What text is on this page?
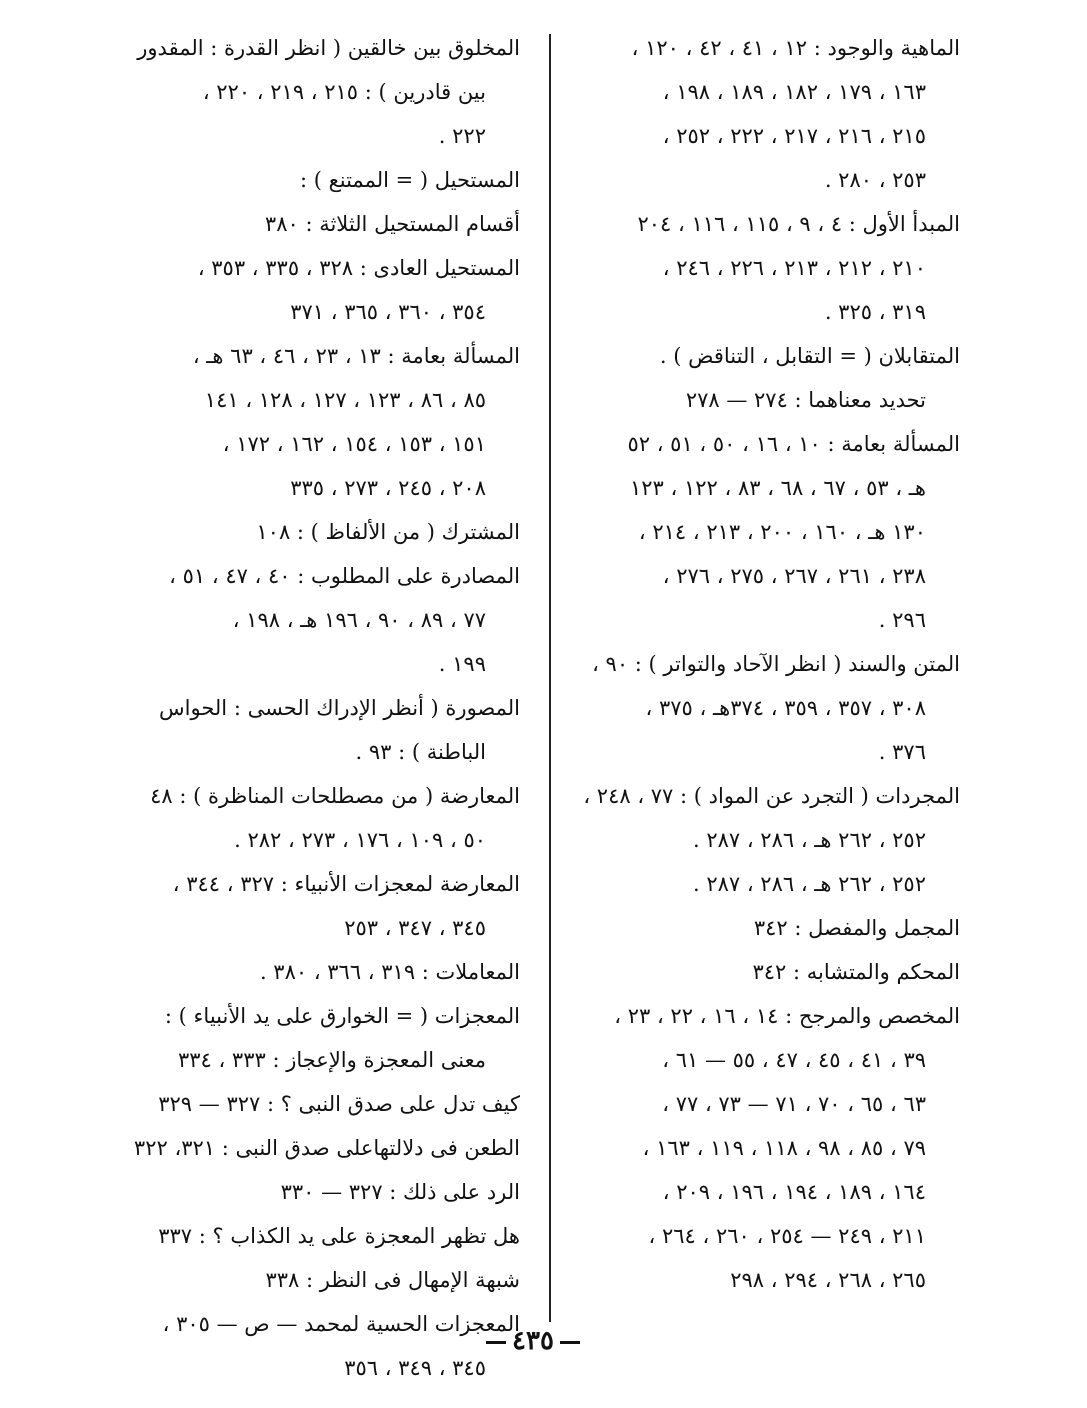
الماهية والوجود : ١٢ ، ٤١ ، ٤٢ ، ١٢٠ ،
١٦٣ ، ١٧٩ ، ١٨٢ ، ١٨٩ ، ١٩٨ ،
٢١٥ ، ٢١٦ ، ٢١٧ ، ٢٢٢ ، ٢٥٢ ،
٢٥٣ ، ٢٨٠ .
المبدأ الأول : ٤ ، ٩ ، ١١٥ ، ١١٦ ، ٢٠٤
٢١٠ ، ٢١٢ ، ٢١٣ ، ٢٢٦ ، ٢٤٦ ،
٣١٩ ، ٣٢٥ .
المتقابلان ( = التقابل ، التناقض ) .
تحديد معناهما : ٢٧٤ — ٢٧٨
المسألة بعامة : ١٠ ، ١٦ ، ٥٠ ، ٥١ ، ٥٢
هـ ، ٥٣ ، ٦٧ ، ٦٨ ، ٨٣ ، ١٢٢ ، ١٢٣
١٣٠ هـ ، ١٦٠ ، ٢٠٠ ، ٢١٣ ، ٢١٤ ،
٢٣٨ ، ٢٦١ ، ٢٦٧ ، ٢٧٥ ، ٢٧٦ ،
٢٩٦ .
المتن والسند ( انظر الآحاد والتواتر ) : ٩٠ ،
٣٠٨ ، ٣٥٧ ، ٣٥٩ ، ٣٧٤هـ ، ٣٧٥ ،
٣٧٦ .
المجردات ( التجرد عن المواد ) : ٧٧ ، ٢٤٨ ،
٢٥٢ ، ٢٦٢ هـ ، ٢٨٦ ، ٢٨٧ .
٢٥٢ ، ٢٦٢ هـ ، ٢٨٦ ، ٢٨٧ .
المجمل والمفصل : ٣٤٢
المحكم والمتشابه : ٣٤٢
المخصص والمرجح : ١٤ ، ١٦ ، ٢٢ ، ٢٣ ،
٣٩ ، ٤١ ، ٤٥ ، ٤٧ ، ٥٥ — ٦١ ،
٦٣ ، ٦٥ ، ٧٠ ، ٧١ — ٧٣ ، ٧٧ ،
٧٩ ، ٨٥ ، ٩٨ ، ١١٨ ، ١١٩ ، ١٦٣ ،
١٦٤ ، ١٨٩ ، ١٩٤ ، ١٩٦ ، ٢٠٩ ،
٢١١ ، ٢٤٩ — ٢٥٤ ، ٢٦٠ ، ٢٦٤ ،
٢٦٥ ، ٢٦٨ ، ٢٩٤ ، ٢٩٨
المخلوق بين خالقين ( انظر القدرة : المقدور
بين قادرين ) : ٢١٥ ، ٢١٩ ، ٢٢٠ ،
٢٢٢ .
المستحيل ( = الممتنع ) :
أقسام المستحيل الثلاثة : ٣٨٠
المستحيل العادى : ٣٢٨ ، ٣٣٥ ، ٣٥٣ ،
٣٥٤ ، ٣٦٠ ، ٣٦٥ ، ٣٧١
المسألة بعامة : ١٣ ، ٢٣ ، ٤٦ ، ٦٣ هـ ،
٨٥ ، ٨٦ ، ١٢٣ ، ١٢٧ ، ١٢٨ ، ١٤١
١٥١ ، ١٥٣ ، ١٥٤ ، ١٦٢ ، ١٧٢ ،
٢٠٨ ، ٢٤٥ ، ٢٧٣ ، ٣٣٥
المشترك ( من الألفاظ ) : ١٠٨
المصادرة على المطلوب : ٤٠ ، ٤٧ ، ٥١ ،
٧٧ ، ٨٩ ، ٩٠ ، ١٩٦ هـ ، ١٩٨ ،
١٩٩ .
المصورة ( أنظر الإدراك الحسى : الحواس
الباطنة ) : ٩٣ .
المعارضة ( من مصطلحات المناظرة ) : ٤٨
٥٠ ، ١٠٩ ، ١٧٦ ، ٢٧٣ ، ٢٨٢ .
المعارضة لمعجزات الأنبياء : ٣٢٧ ، ٣٤٤ ،
٣٤٥ ، ٣٤٧ ، ٢٥٣
المعاملات : ٣١٩ ، ٣٦٦ ، ٣٨٠ .
المعجزات ( = الخوارق على يد الأنبياء ) :
معنى المعجزة والإعجاز : ٣٣٣ ، ٣٣٤
كيف تدل على صدق النبى ؟ : ٣٢٧ — ٣٢٩
الطعن فى دلالتهاعلى صدق النبى : ٣٢١، ٣٢٢
الرد على ذلك : ٣٢٧ — ٣٣٠
هل تظهر المعجزة على يد الكذاب ؟ : ٣٣٧
شبهة الإمهال فى النظر : ٣٣٨
المعجزات الحسية لمحمد — ص — ٣٠٥ ،
٣٤٥ ، ٣٤٩ ، ٣٥٦
٤٣٥
